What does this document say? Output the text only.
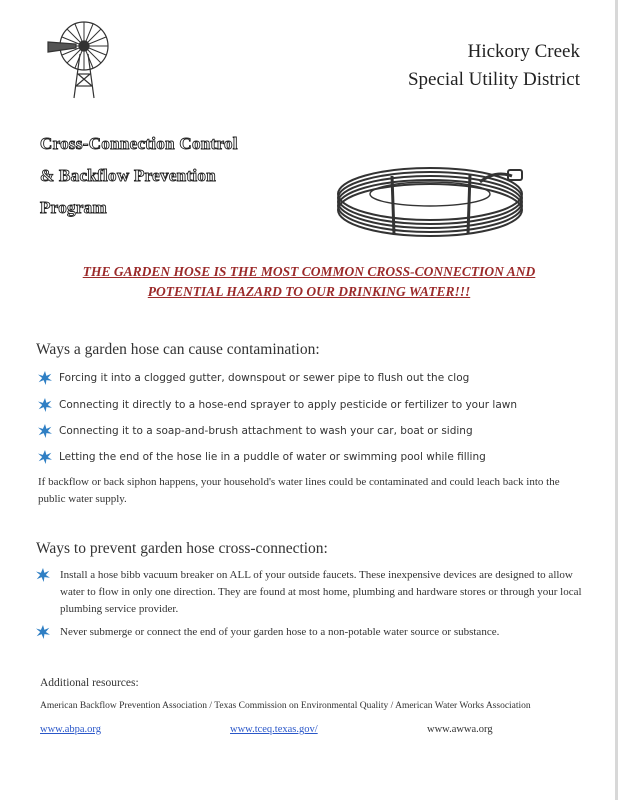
Hickory Creek
Special Utility District
Cross-Connection Control
& Backflow Prevention
Program
THE GARDEN HOSE IS THE MOST COMMON CROSS-CONNECTION AND
POTENTIAL HAZARD TO OUR DRINKING WATER!!!
Ways a garden hose can cause contamination:
Forcing it into a clogged gutter, downspout or sewer pipe to flush out the clog
Connecting it directly to a hose-end sprayer to apply pesticide or fertilizer to your lawn
Connecting it to a soap-and-brush attachment to wash your car, boat or siding
Letting the end of the hose lie in a puddle of water or swimming pool while filling
If backflow or back siphon happens, your household's water lines could be contaminated and could leach back into the public water supply.
Ways to prevent garden hose cross-connection:
Install a hose bibb vacuum breaker on ALL of your outside faucets. These inexpensive devices are designed to allow water to flow in only one direction. They are found at most home, plumbing and hardware stores or through your local plumbing service provider.
Never submerge or connect the end of your garden hose to a non-potable water source or substance.
Additional resources:
American Backflow Prevention Association / Texas Commission on Environmental Quality / American Water Works Association
www.abpa.org	www.tceq.texas.gov/	www.awwa.org
